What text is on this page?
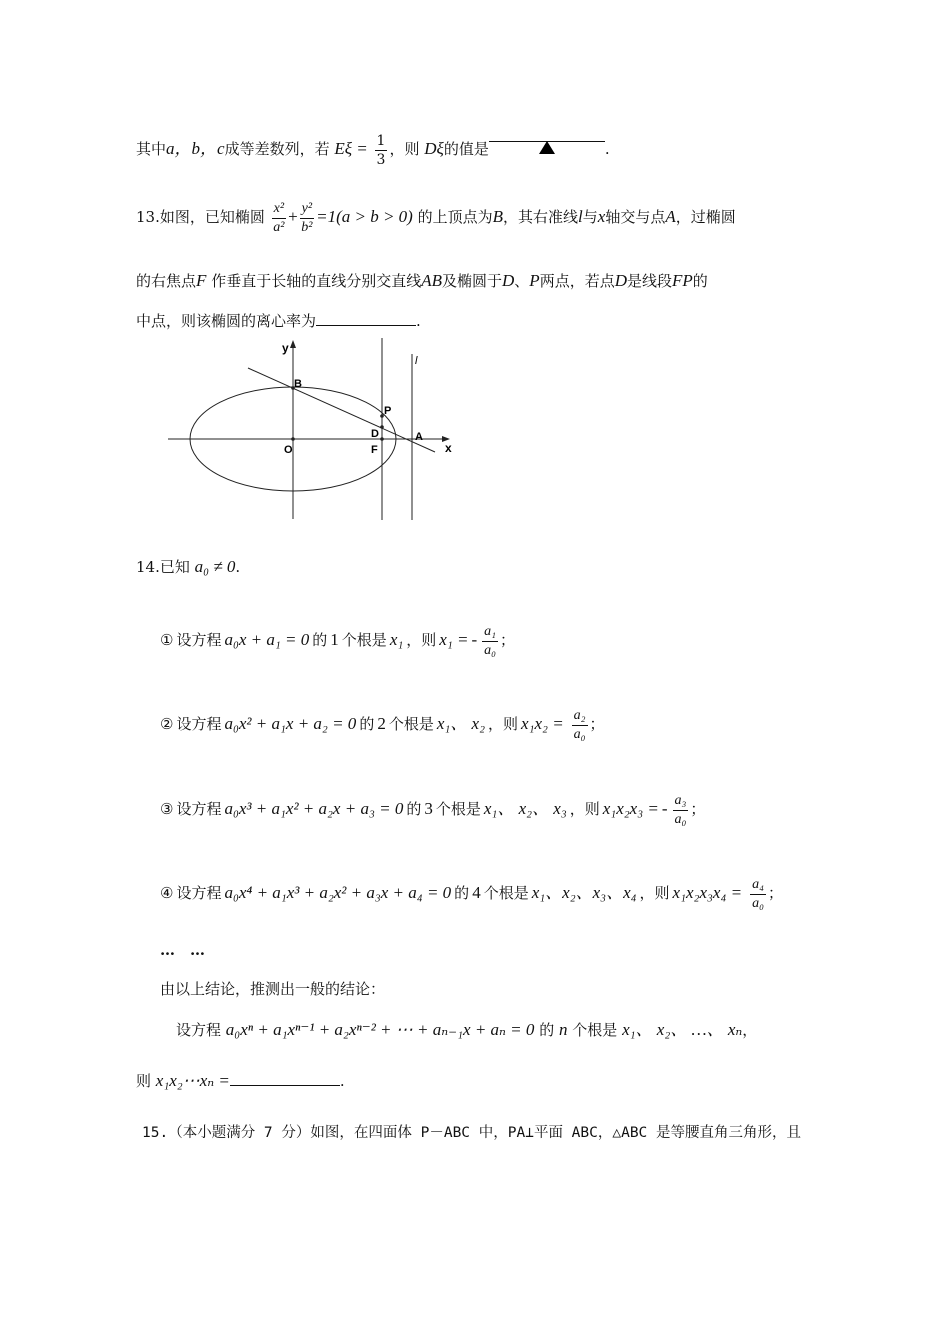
其中a，b，c成等差数列，若 $E\xi = \frac{1}{3}$ ，则 Dξ的值是	.
13.如图，已知椭圆 $\frac{\text{x²}}{\text{a²}} + \frac{\text{y²}}{\text{b²}} =1(a > b > 0)$ 的上顶点为B，其右准线l与x轴交与点A，过椭圆
的右焦点F 作垂直于长轴的直线分别交直线AB及椭圆于D、P两点，若点D是线段FP的
中点，则该椭圆的离心率为	.
y
x
B
P
D	A
O	F
l
14.已知 a₀ ≠ 0.
① 设方程 a₀x + a₁ = 0 的 1 个根是 x₁ ，则 x₁ = - $\frac{\text{a₁}}{\text{a₀}}$ ；
② 设方程 a₀x² + a₁x + a₂ = 0 的 2 个根是 x₁、 x₂ ，则 $x_1x_2 = \frac{\text{a₂}}{\text{a₀}}$ ；
③ 设方程 a₀x³ + a₁x² + a₂x + a₃ = 0 的 3 个根是 x₁、 x₂、 x₃ ，则 x₁x₂x₃ = - $\frac{\text{a₃}}{\text{a₀}}$ ；
④ 设方程 a₀x⁴ + a₁x³ + a₂x² + a₃x + a₄ = 0 的 4 个根是 x₁、x₂、x₃、x₄ ，则 $x_1x_2x_3x_4 = \frac{\text{a₄}}{\text{a₀}}$ ；
…　…
由以上结论，推测出一般的结论：
设方程 a₀xⁿ + a₁xⁿ⁻¹ + a₂xⁿ⁻² + ⋯ + aₙ₋₁x + aₙ = 0 的 n 个根是 x₁、 x₂、 …、 xₙ，
则 x₁x₂⋯xₙ =	.
15.（本小题满分 7 分）如图，在四面体 P－ABC 中，PA⊥平面 ABC，△ABC 是等腰直角三角形，且
